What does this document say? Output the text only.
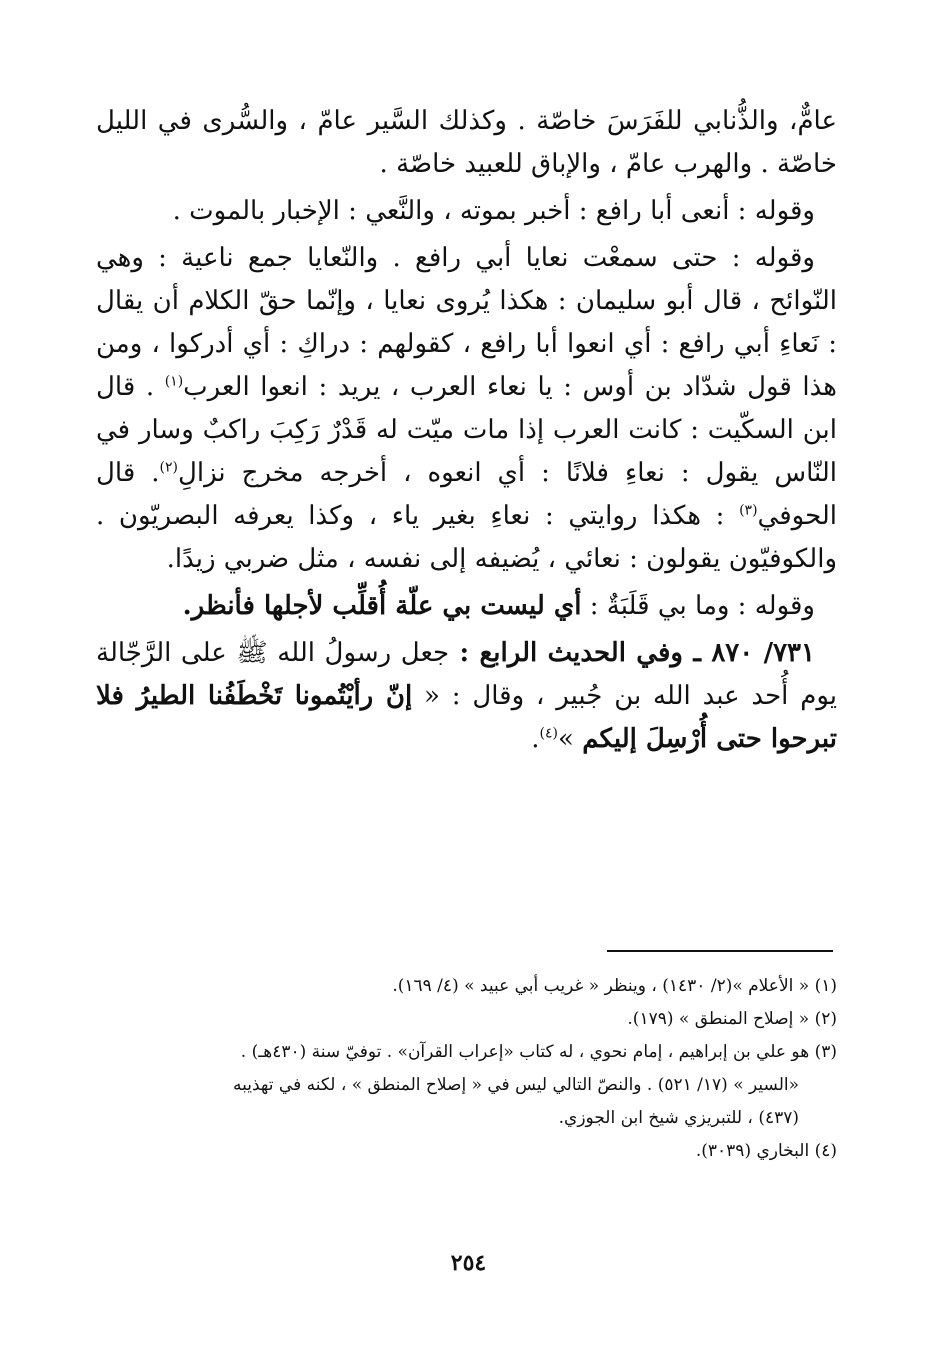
عامٌّ، والذُّنابي للفَرَسَ خاصّة . وكذلك السَّير عامّ ، والسُّرى في الليل خاصّة . والهرب عامّ ، والإباق للعبيد خاصّة .

وقوله : أنعى أبا رافع : أخبر بموته ، والنَّعي : الإخبار بالموت .

وقوله : حتى سمعْت نعايا أبي رافع . والنّعايا جمع ناعية : وهي النّوائح ، قال أبو سليمان : هكذا يُروى نعايا ، وإنّما حقّ الكلام أن يقال : نَعاءِ أبي رافع : أي انعوا أبا رافع ، كقولهم : دراكِ : أي أدركوا ، ومن هذا قول شدّاد بن أوس : يا نعاء العرب ، يريد : انعوا العرب$^{(١)}$ . قال ابن السكّيت : كانت العرب إذا مات ميّت له قَدْرٌ رَكِبَ راكبٌ وسار في النّاس يقول : نعاءِ فلانًا : أي انعوه ، أخرجه مخرج نزالِ$^{(٢)}$. قال الحوفي$^{(٣)}$ : هكذا روايتي : نعاءِ بغير ياء ، وكذا يعرفه البصريّون . والكوفيّون يقولون : نعائي ، يُضيفه إلى نفسه ، مثل ضربي زيدًا.

وقوله : وما بي قَلَبَةٌ : أي ليست بي علّة أُقلِّب لأجلها فأنظر.

٧٣١/ ٨٧٠ ـ وفي الحديث الرابع : جعل رسولُ الله ﷺ على الرَّجّالة يوم أُحد عبد الله بن جُبير ، وقال : « إنّ رأيْتُمونا تَخْطَفُنا الطيرُ فلا تبرحوا حتى أُرْسِلَ إليكم »$^{(٤)}$.

(١) « الأعلام »(٢/ ١٤٣٠) ، وينظر « غريب أبي عبيد » (٤/ ١٦٩).

(٢) « إصلاح المنطق » (١٧٩).

(٣) هو علي بن إبراهيم ، إمام نحوي ، له كتاب «إعراب القرآن» . توفيّ سنة (٤٣٠هـ) .

«السير » (١٧/ ٥٢١) . والنصّ التالي ليس في « إصلاح المنطق » ، لكنه في تهذيبه

(٤٣٧) ، للتبريزي شيخ ابن الجوزي.

(٤) البخاري (٣٠٣٩).

٢٥٤
